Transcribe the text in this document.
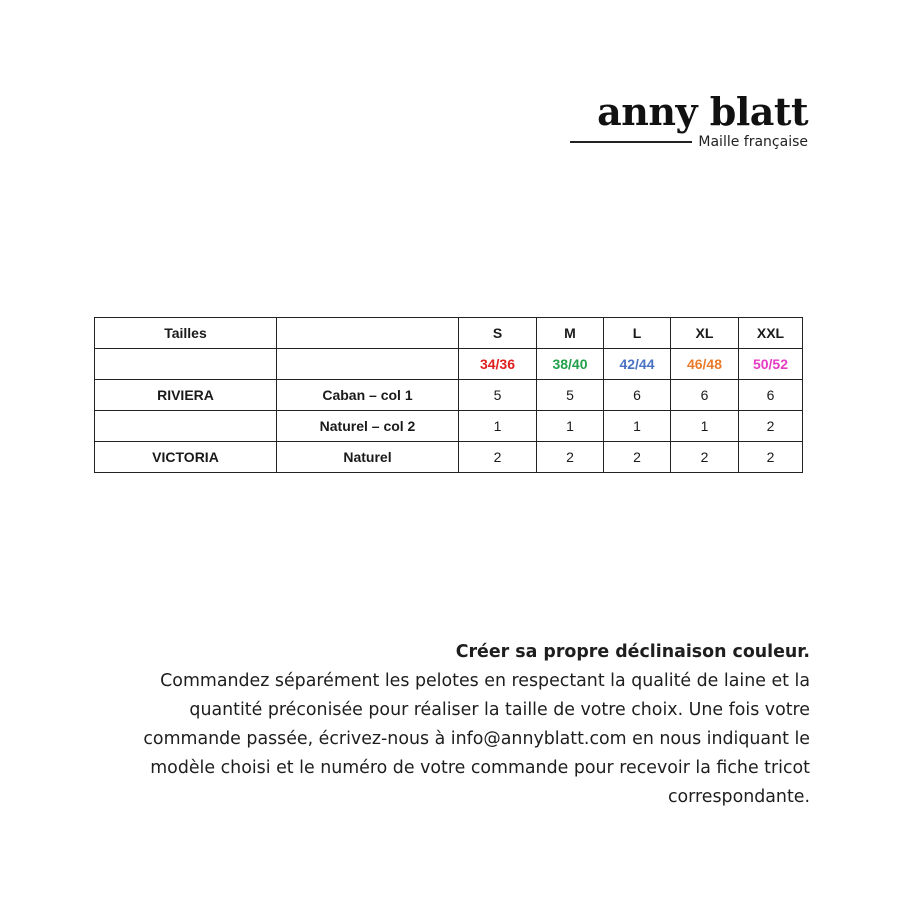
anny blatt
Maille française
Tailles		S	M	L	XL	XXL
		34/36	38/40	42/44	46/48	50/52
RIVIERA	Caban – col 1	5	5	6	6	6
	Naturel – col 2	1	1	1	1	2
VICTORIA	Naturel	2	2	2	2	2
Créer sa propre déclinaison couleur.
Commandez séparément les pelotes en respectant la qualité de laine et la
quantité préconisée pour réaliser la taille de votre choix. Une fois votre
commande passée, écrivez-nous à info@annyblatt.com en nous indiquant le
modèle choisi et le numéro de votre commande pour recevoir la fiche tricot
correspondante.
